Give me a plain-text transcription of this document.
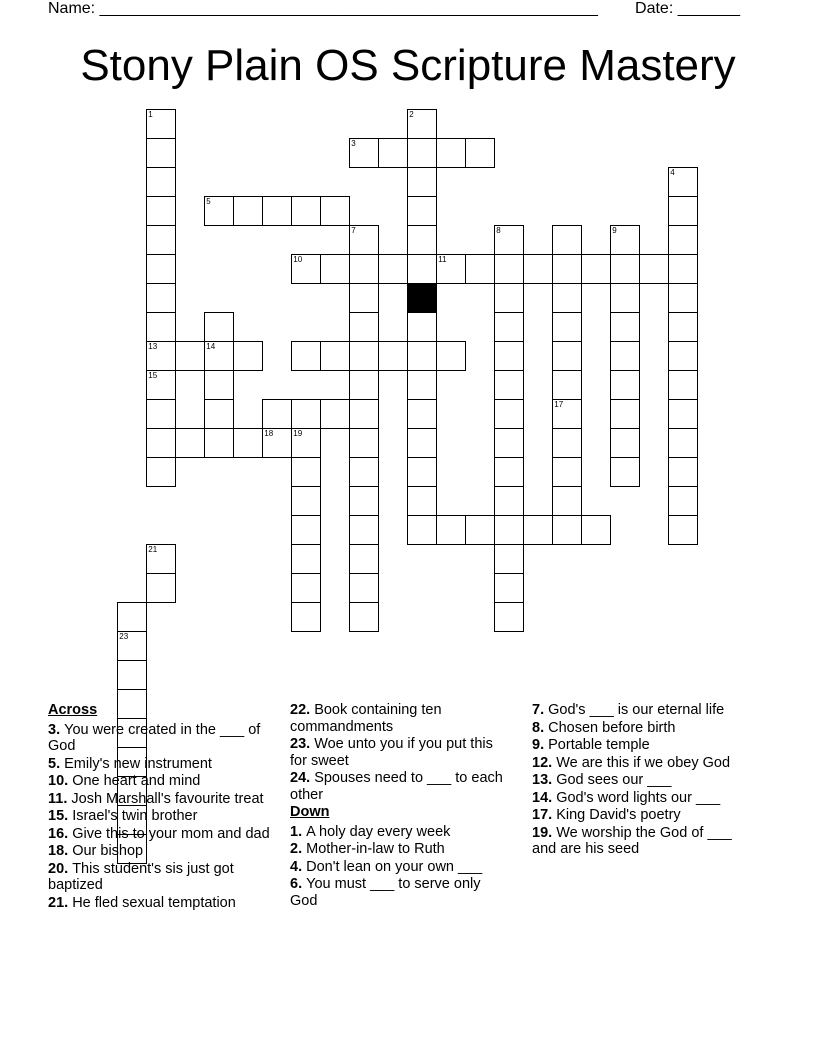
Name: ________________________________________________________ Date: _______
Stony Plain OS Scripture Mastery
1	2
3
4
5
17
7	8	9
10	11
13
15
14
18	19
23
21
Across
3. You were created in the ___ of God
5. Emily's new instrument
10. One heart and mind
11. Josh Marshall's favourite treat
15. Israel's twin brother
16. Give this to your mom and dad
18. Our bishop
20. This student's sis just got baptized
21. He fled sexual temptation
22. Book containing ten commandments
23. Woe unto you if you put this for sweet
24. Spouses need to ___ to each other
Down
1. A holy day every week
2. Mother-in-law to Ruth
4. Don't lean on your own ___
6. You must ___ to serve only God
7. God's ___ is our eternal life
8. Chosen before birth
9. Portable temple
12. We are this if we obey God
13. God sees our ___
14. God's word lights our ___
17. King David's poetry
19. We worship the God of ___ and are his seed
